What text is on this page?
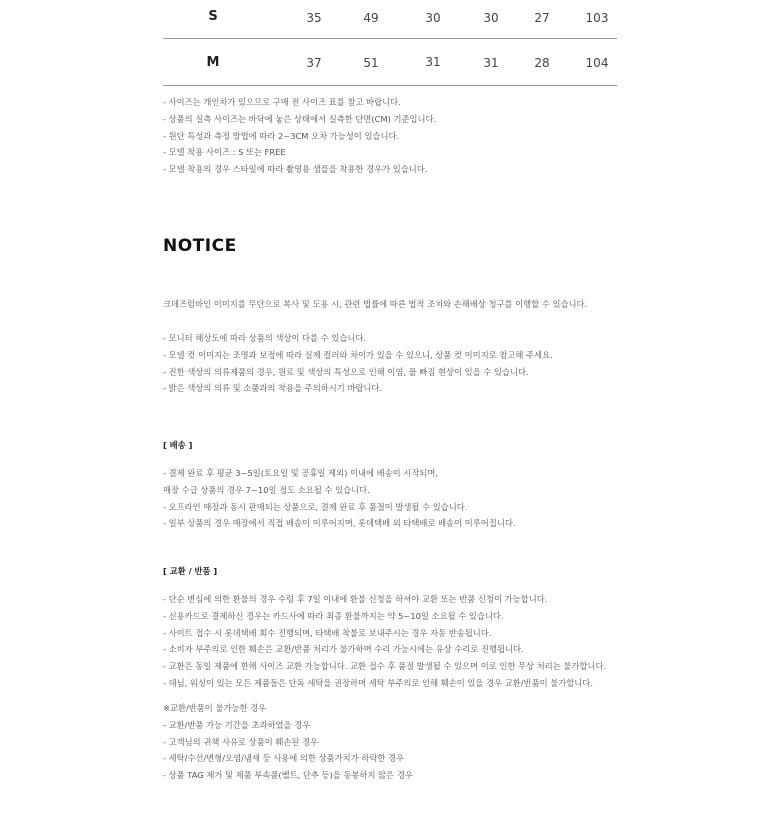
S	35	49	30	30	27	103
M	37	51	31	31	28	104
- 사이즈는 개인차가 있으므로 구매 전 사이즈 표를 참고 바랍니다.
- 상품의 실측 사이즈는 바닥에 놓은 상태에서 실측한 단면(CM) 기준입니다.
- 원단 특성과 측정 방법에 따라 2~3CM 오차 가능성이 있습니다.
- 모델 착용 사이즈 : S 또는 FREE
- 모델 착용의 경우 스타일에 따라 촬영용 샘플을 착용한 경우가 있습니다.
NOTICE
크데즈럼바인 이미지를 무단으로 복사 및 도용 시, 관련 법률에 따른 법적 조치와 손해배상 청구를 이행할 수 있습니다.
- 모니터 해상도에 따라 상품의 색상이 다를 수 있습니다.
- 모델 컷 이미지는 조명과 보정에 따라 실제 컬러와 차이가 있을 수 있으니, 상품 컷 이미지로 참고해 주세요.
- 진한 색상의 의류제품의 경우, 원료 및 색상의 특성으로 인해 이염, 물 빠짐 현상이 있을 수 있습니다.
- 밝은 색상의 의류 및 소품과의 착용을 주의하시기 바랍니다.
[ 배송 ]
- 결제 완료 후 평균 3~5일(토요일 및 공휴일 제외) 이내에 배송이 시작되며,
매장 수급 상품의 경우 7~10일 정도 소요될 수 있습니다.
- 오프라인 매장과 동시 판매되는 상품으로, 결제 완료 후 품절이 발생될 수 있습니다.
- 일부 상품의 경우 매장에서 직접 배송이 이루어지며, 롯데택배 외 타택배로 배송이 이루어집니다.
[ 교환 / 반품 ]
- 단순 변심에 의한 환불의 경우 수령 후 7일 이내에 환불 신청을 하셔야 교환 또는 반품 신청이 가능합니다.
- 신용카드로 결제하신 경우는 카드사에 따라 최종 환불까지는 약 5~10일 소요될 수 있습니다.
- 사이트 접수 시 롯데택배 회수 진행되며, 타택배 착불로 보내주시는 경우 자동 반송됩니다.
- 소비자 부주의로 인한 훼손은 교환/반품 처리가 불가하며 수리 가능시에는 유상 수리로 진행됩니다.
- 교환은 동일 제품에 한해 사이즈 교환 가능합니다. 교환 접수 후 품절 발생될 수 있으며 이로 인한 무상 처리는 불가합니다.
- 데님, 워싱이 있는 모든 제품들은 단독 세탁을 권장하며 세탁 부주의로 인해 훼손이 있을 경우 교환/반품이 불가합니다.
※교환/반품이 불가능한 경우
- 교환/반품 가능 기간을 초과하였을 경우
- 고객님의 귀책 사유로 상품이 훼손된 경우
- 세탁/수선/변형/오염/냄새 등 사용에 의한 상품가치가 하락한 경우
- 상품 TAG 제거 및 제품 부속품(벨트, 단추 등)을 동봉하지 않은 경우
